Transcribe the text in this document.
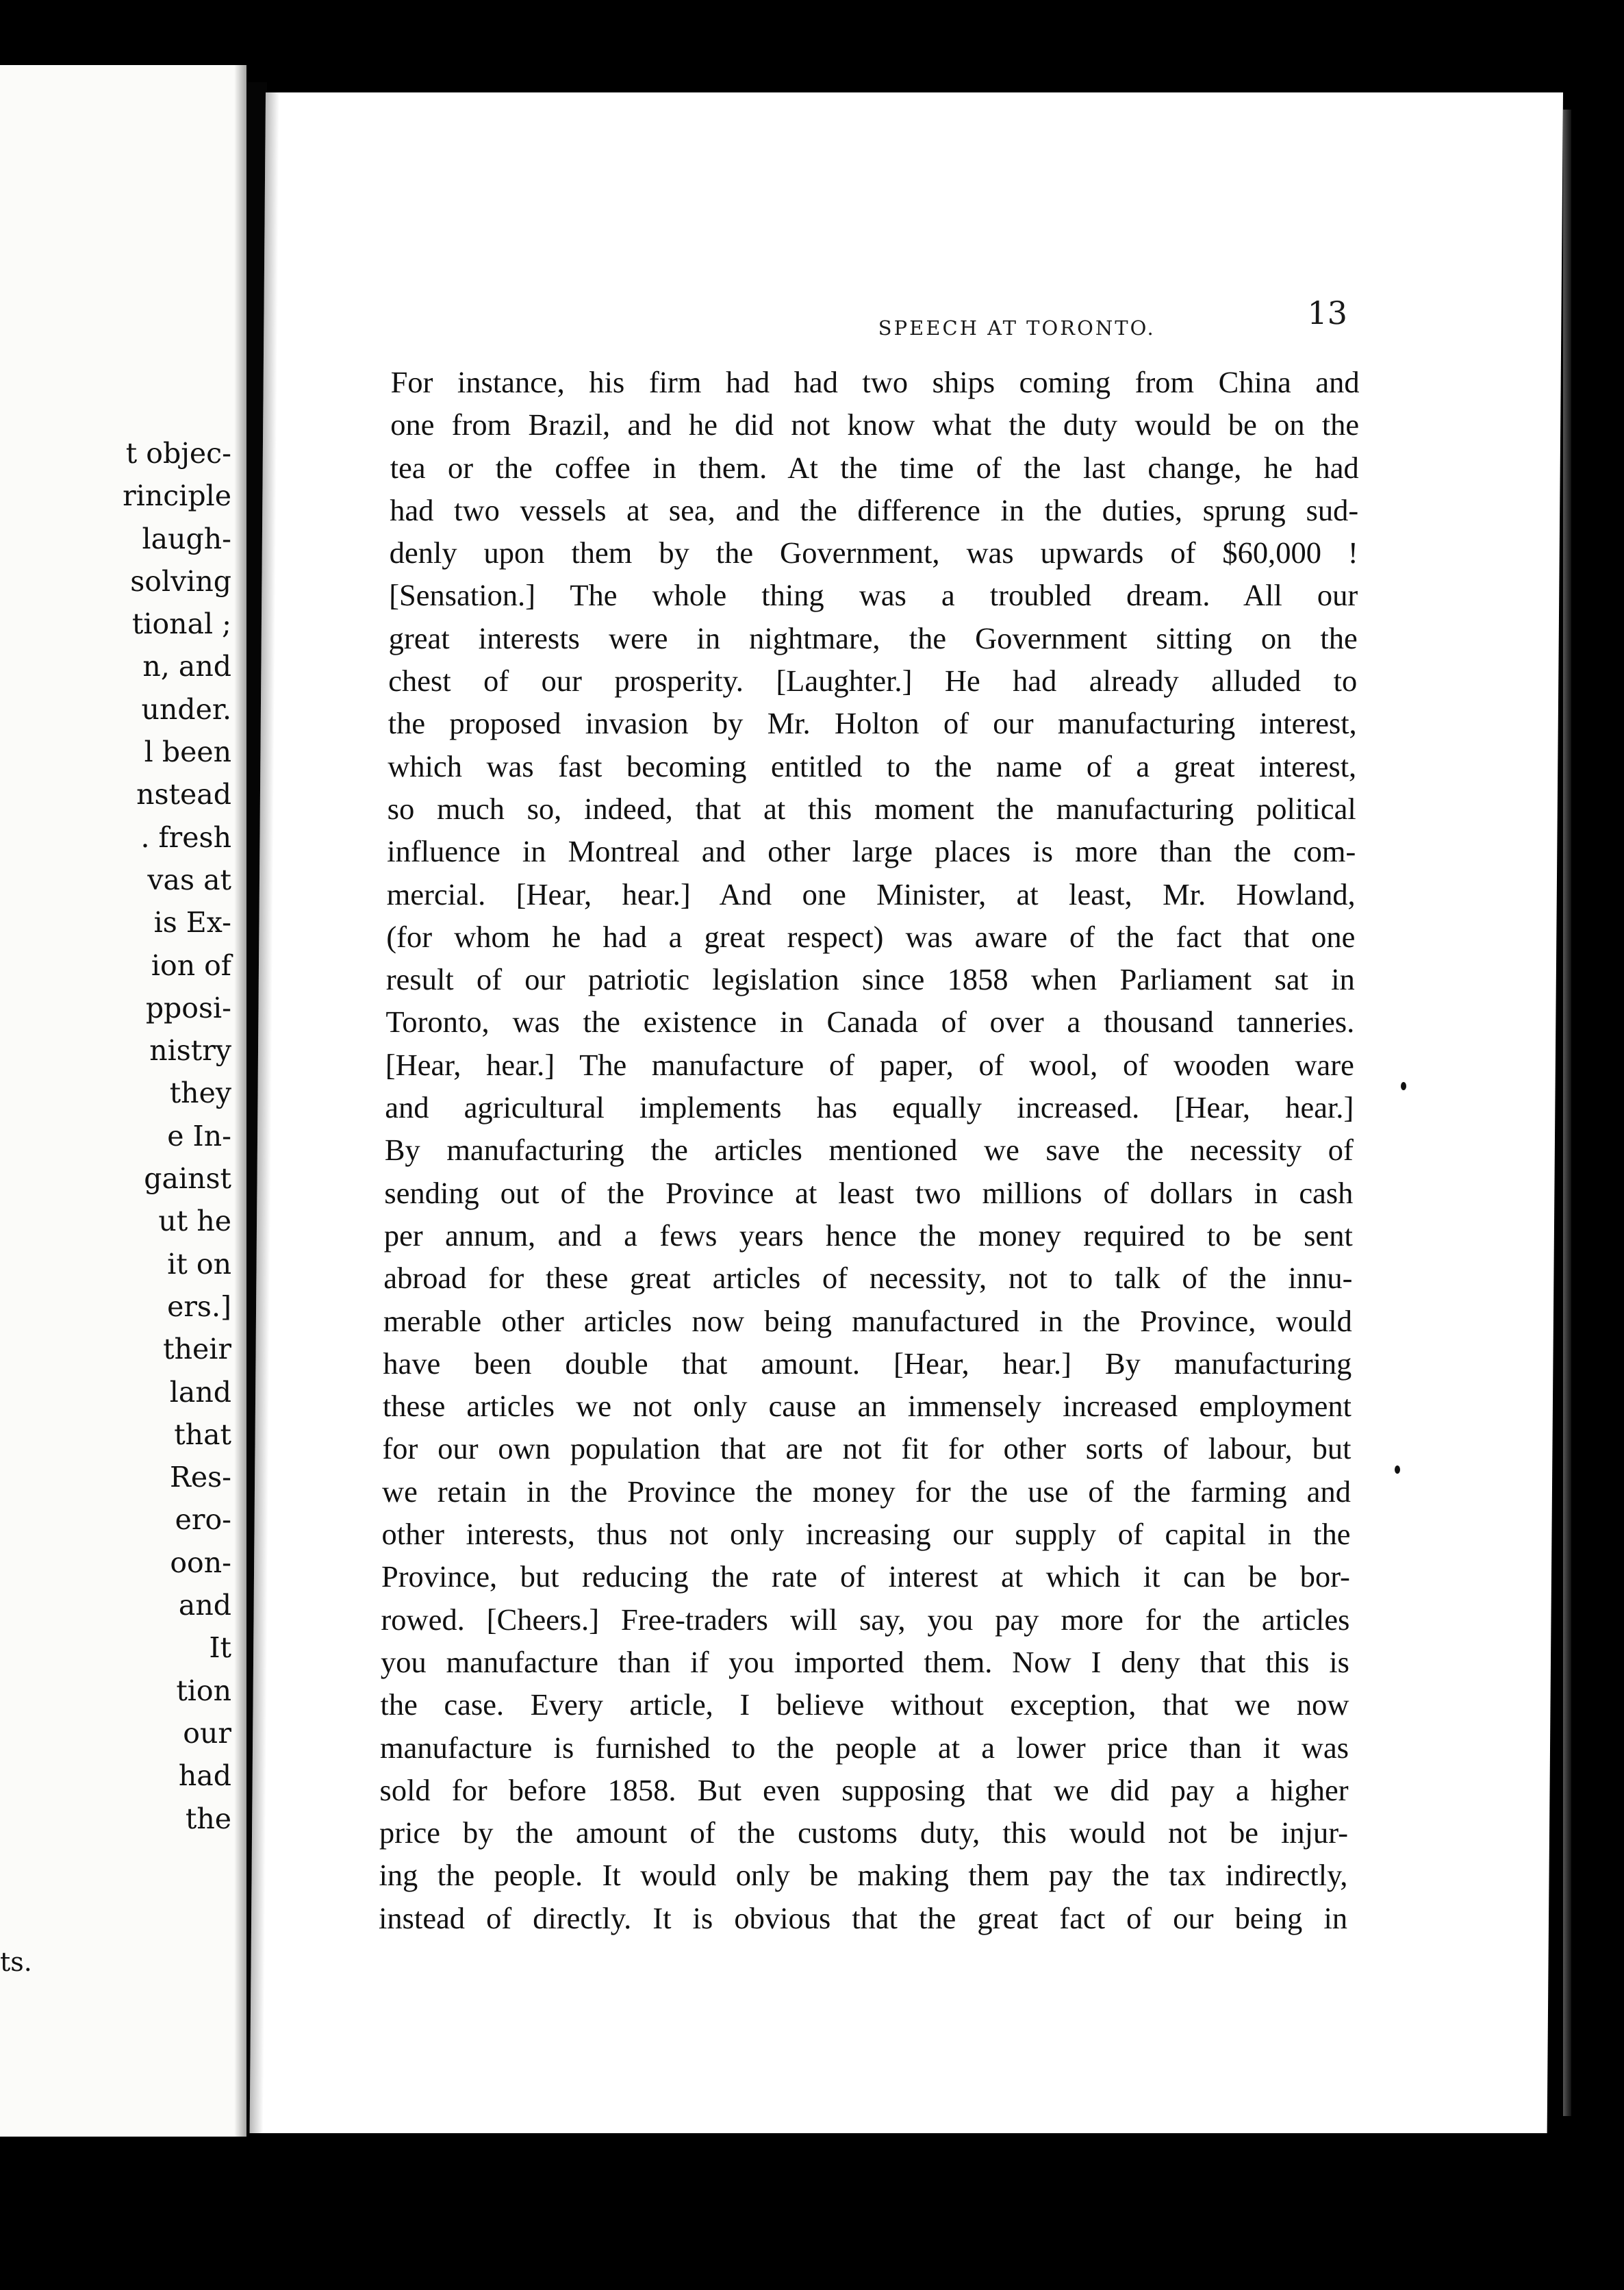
t objec-
rinciple
laugh-
solving
tional ;
n, and
under.
l been
nstead
. fresh
vas at
is Ex-
ion of
pposi-
nistry
they
e In-
gainst
ut he
it on
ers.]
their
land
that
Res-
ero-
oon-
and
It
tion
our
had
the
ts.
SPEECH AT TORONTO.	13
For instance, his firm had had two ships coming from China and
one from Brazil, and he did not know what the duty would be on the
tea or the coffee in them. At the time of the last change, he had
had two vessels at sea, and the difference in the duties, sprung sud-
denly upon them by the Government, was upwards of $60,000 !
[Sensation.] The whole thing was a troubled dream. All our
great interests were in nightmare, the Government sitting on the
chest of our prosperity. [Laughter.] He had already alluded to
the proposed invasion by Mr. Holton of our manufacturing interest,
which was fast becoming entitled to the name of a great interest,
so much so, indeed, that at this moment the manufacturing political
influence in Montreal and other large places is more than the com-
mercial. [Hear, hear.] And one Minister, at least, Mr. Howland,
(for whom he had a great respect) was aware of the fact that one
result of our patriotic legislation since 1858 when Parliament sat in
Toronto, was the existence in Canada of over a thousand tanneries.
[Hear, hear.] The manufacture of paper, of wool, of wooden ware
and agricultural implements has equally increased. [Hear, hear.]
By manufacturing the articles mentioned we save the necessity of
sending out of the Province at least two millions of dollars in cash
per annum, and a fews years hence the money required to be sent
abroad for these great articles of necessity, not to talk of the innu-
merable other articles now being manufactured in the Province, would
have been double that amount. [Hear, hear.] By manufacturing
these articles we not only cause an immensely increased employment
for our own population that are not fit for other sorts of labour, but
we retain in the Province the money for the use of the farming and
other interests, thus not only increasing our supply of capital in the
Province, but reducing the rate of interest at which it can be bor-
rowed. [Cheers.] Free-traders will say, you pay more for the articles
you manufacture than if you imported them. Now I deny that this is
the case. Every article, I believe without exception, that we now
manufacture is furnished to the people at a lower price than it was
sold for before 1858. But even supposing that we did pay a higher
price by the amount of the customs duty, this would not be injur-
ing the people. It would only be making them pay the tax indirectly,
instead of directly. It is obvious that the great fact of our being in
